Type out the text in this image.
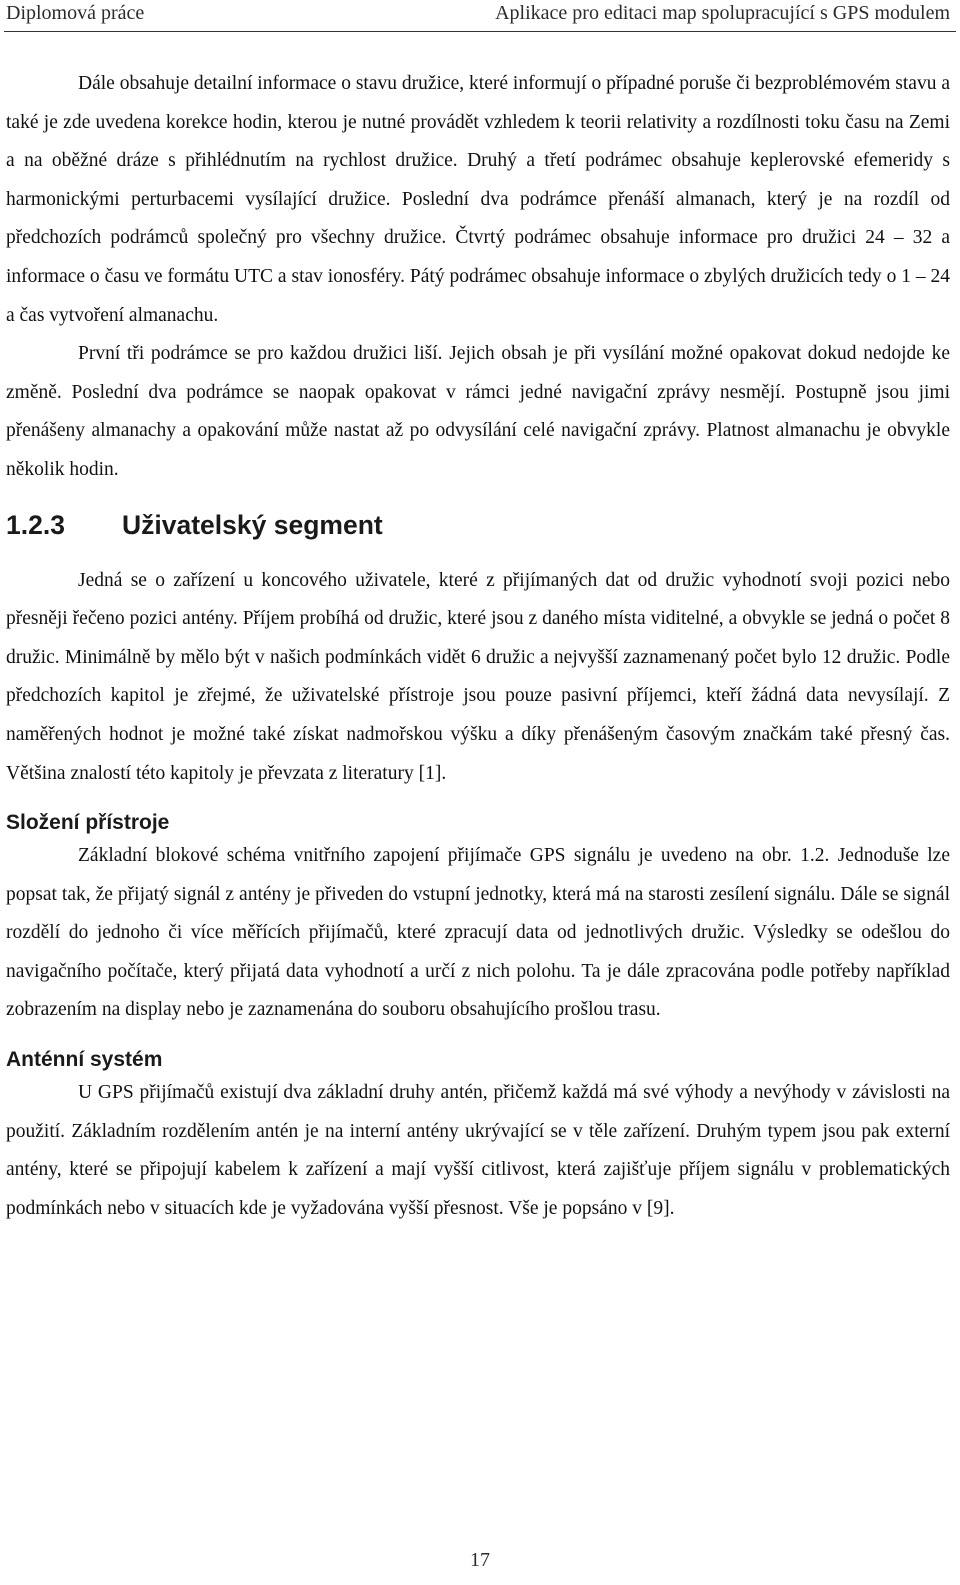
Diplomová práce	Aplikace pro editaci map spolupracující s GPS modulem

Dále obsahuje detailní informace o stavu družice, které informují o případné poruše či bezproblémovém stavu a také je zde uvedena korekce hodin, kterou je nutné provádět vzhledem k teorii relativity a rozdílnosti toku času na Zemi a na oběžné dráze s přihlédnutím na rychlost družice. Druhý a třetí podrámec obsahuje keplerovské efemeridy s harmonickými perturbacemi vysílající družice. Poslední dva podrámce přenáší almanach, který je na rozdíl od předchozích podrámců společný pro všechny družice. Čtvrtý podrámec obsahuje informace pro družici 24 – 32 a informace o času ve formátu UTC a stav ionosféry. Pátý podrámec obsahuje informace o zbylých družicích tedy o 1 – 24 a čas vytvoření almanachu.

První tři podrámce se pro každou družici liší. Jejich obsah je při vysílání možné opakovat dokud nedojde ke změně. Poslední dva podrámce se naopak opakovat v rámci jedné navigační zprávy nesmějí. Postupně jsou jimi přenášeny almanachy a opakování může nastat až po odvysílání celé navigační zprávy. Platnost almanachu je obvykle několik hodin.

1.2.3	Uživatelský segment

Jedná se o zařízení u koncového uživatele, které z přijímaných dat od družic vyhodnotí svoji pozici nebo přesněji řečeno pozici antény. Příjem probíhá od družic, které jsou z daného místa viditelné, a obvykle se jedná o počet 8 družic. Minimálně by mělo být v našich podmínkách vidět 6 družic a nejvyšší zaznamenaný počet bylo 12 družic. Podle předchozích kapitol je zřejmé, že uživatelské přístroje jsou pouze pasivní příjemci, kteří žádná data nevysílají. Z naměřených hodnot je možné také získat nadmořskou výšku a díky přenášeným časovým značkám také přesný čas. Většina znalostí této kapitoly je převzata z literatury [1].

Složení přístroje

Základní blokové schéma vnitřního zapojení přijímače GPS signálu je uvedeno na obr. 1.2. Jednoduše lze popsat tak, že přijatý signál z antény je přiveden do vstupní jednotky, která má na starosti zesílení signálu. Dále se signál rozdělí do jednoho či více měřících přijímačů, které zpracují data od jednotlivých družic. Výsledky se odešlou do navigačního počítače, který přijatá data vyhodnotí a určí z nich polohu. Ta je dále zpracována podle potřeby například zobrazením na display nebo je zaznamenána do souboru obsahujícího prošlou trasu.

Anténní systém

U GPS přijímačů existují dva základní druhy antén, přičemž každá má své výhody a nevýhody v závislosti na použití. Základním rozdělením antén je na interní antény ukrývající se v těle zařízení. Druhým typem jsou pak externí antény, které se připojují kabelem k zařízení a mají vyšší citlivost, která zajišťuje příjem signálu v problematických podmínkách nebo v situacích kde je vyžadována vyšší přesnost. Vše je popsáno v [9].

17
